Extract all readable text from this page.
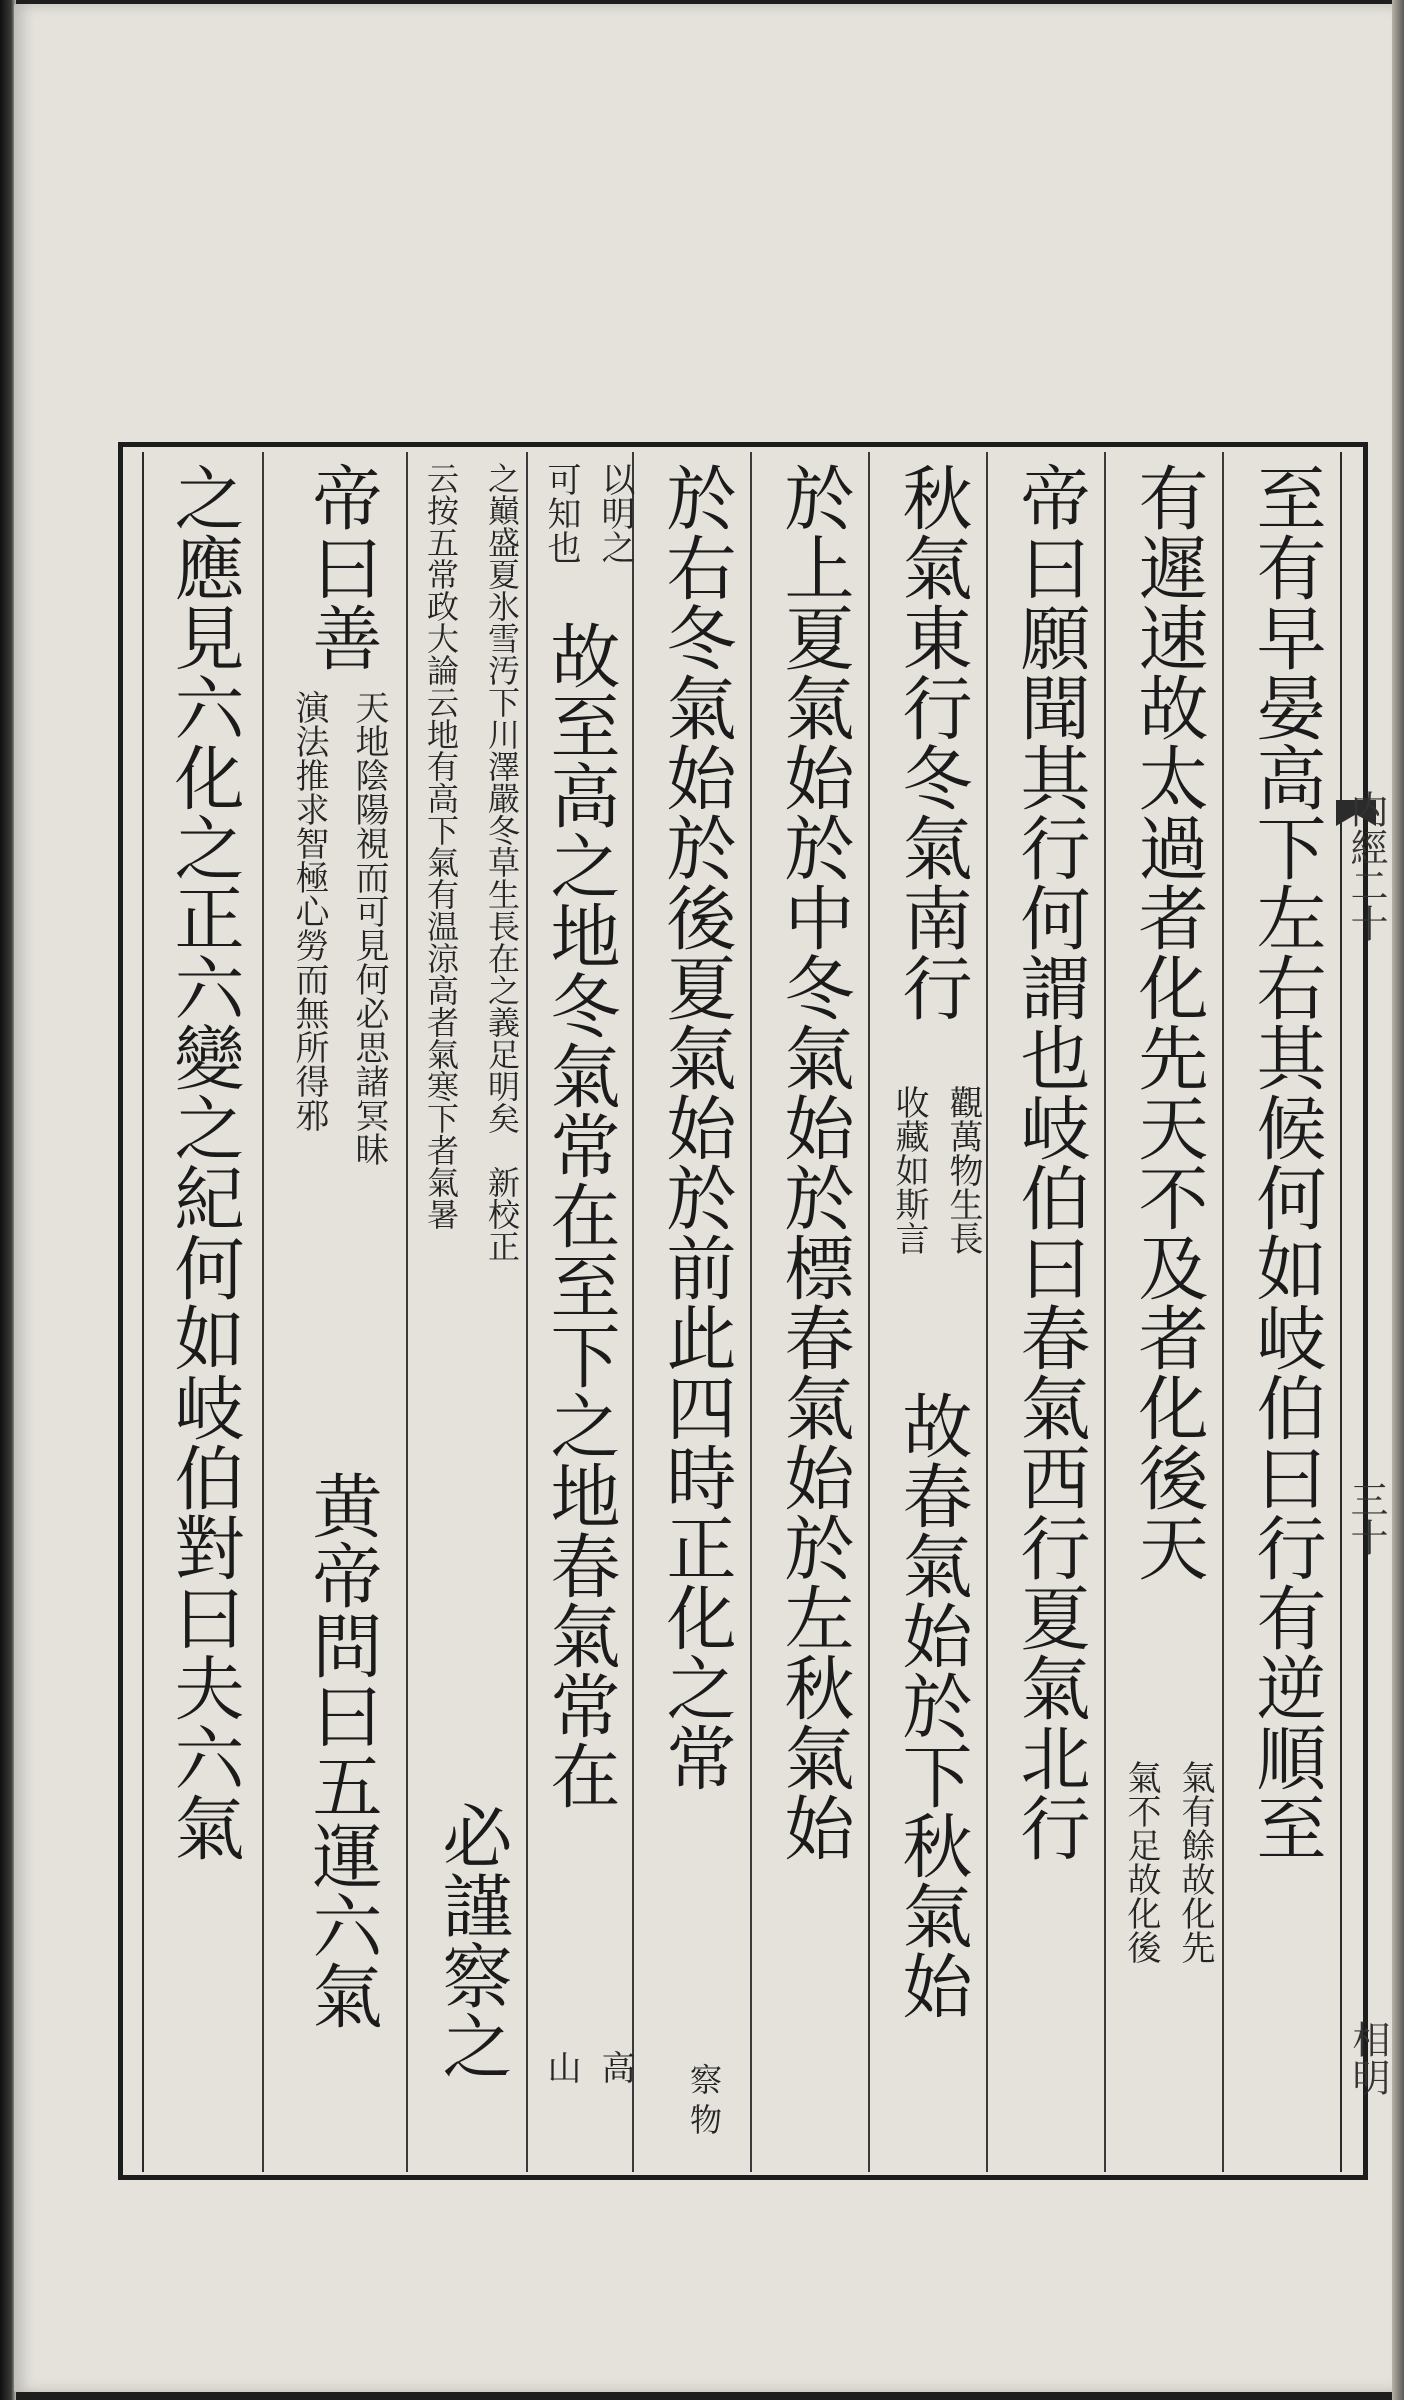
内經二十
三十
相明
至有早晏高下左右其候何如岐伯曰行有逆順至
有遲速故太過者化先天不及者化後天
氣有餘故化先
氣不足故化後
帝曰願聞其行何謂也岐伯曰春氣西行夏氣北行
秋氣東行冬氣南行
觀萬物生長
收藏如斯言
故春氣始於下秋氣始
於上夏氣始於中冬氣始於標春氣始於左秋氣始
於右冬氣始於後夏氣始於前此四時正化之常
察物
以明之
可知也
故至高之地冬氣常在至下之地春氣常在
高
山
之巔盛夏氷雪汚下川澤嚴冬草生長在之義足明矣　新校正
云按五常政大論云地有高下氣有温涼高者氣寒下者氣暑
必謹察之
帝曰善
天地陰陽視而可見何必思諸冥昧
演法推求智極心勞而無所得邪
黄帝問曰五運六氣
之應見六化之正六變之紀何如岐伯對曰夫六氣
